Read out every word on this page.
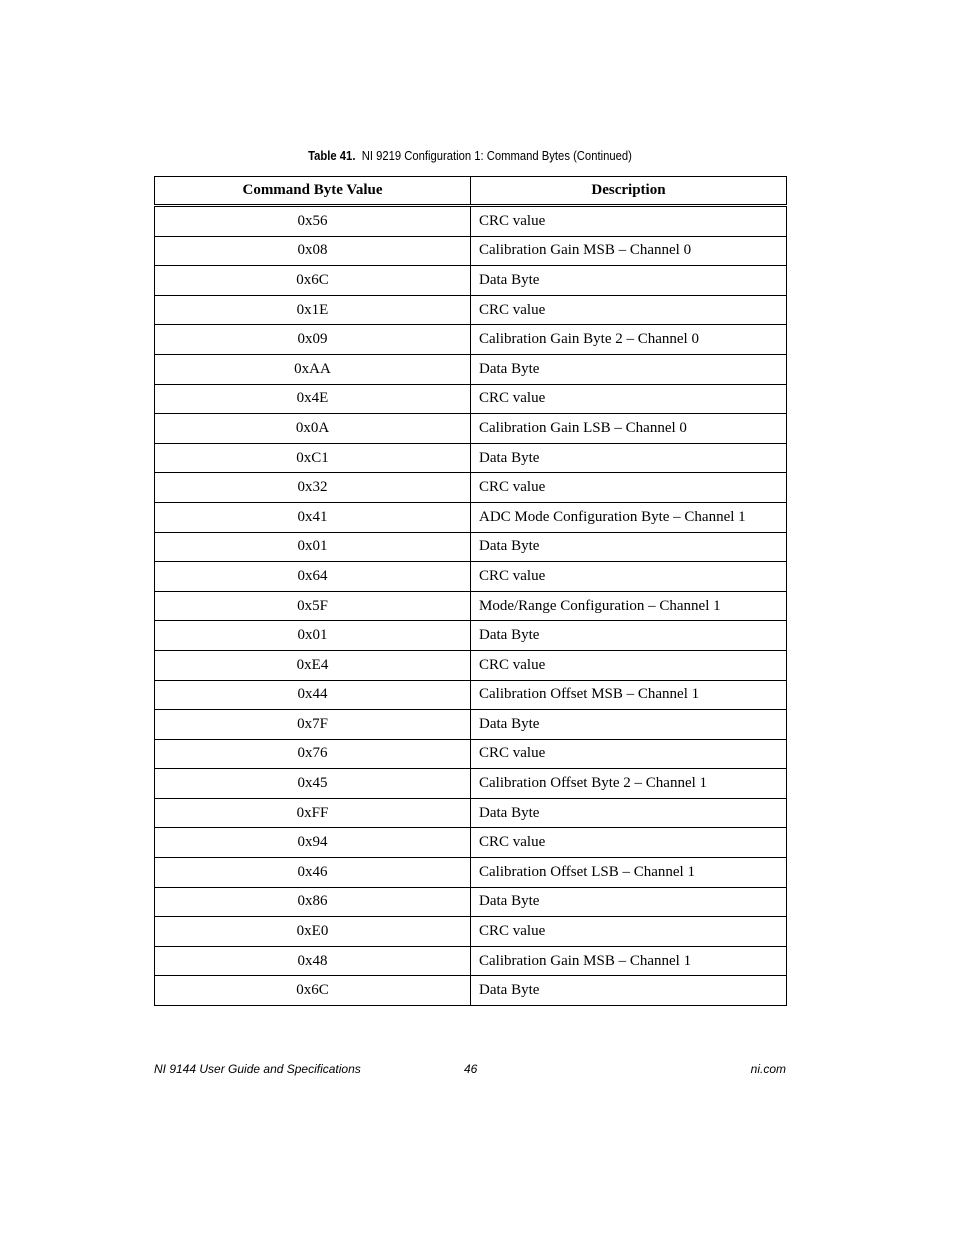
Table 41. NI 9219 Configuration 1: Command Bytes (Continued)
Command Byte Value	Description
0x56	CRC value
0x08	Calibration Gain MSB – Channel 0
0x6C	Data Byte
0x1E	CRC value
0x09	Calibration Gain Byte 2 – Channel 0
0xAA	Data Byte
0x4E	CRC value
0x0A	Calibration Gain LSB – Channel 0
0xC1	Data Byte
0x32	CRC value
0x41	ADC Mode Configuration Byte – Channel 1
0x01	Data Byte
0x64	CRC value
0x5F	Mode/Range Configuration – Channel 1
0x01	Data Byte
0xE4	CRC value
0x44	Calibration Offset MSB – Channel 1
0x7F	Data Byte
0x76	CRC value
0x45	Calibration Offset Byte 2 – Channel 1
0xFF	Data Byte
0x94	CRC value
0x46	Calibration Offset LSB – Channel 1
0x86	Data Byte
0xE0	CRC value
0x48	Calibration Gain MSB – Channel 1
0x6C	Data Byte
NI 9144 User Guide and Specifications	46	ni.com
